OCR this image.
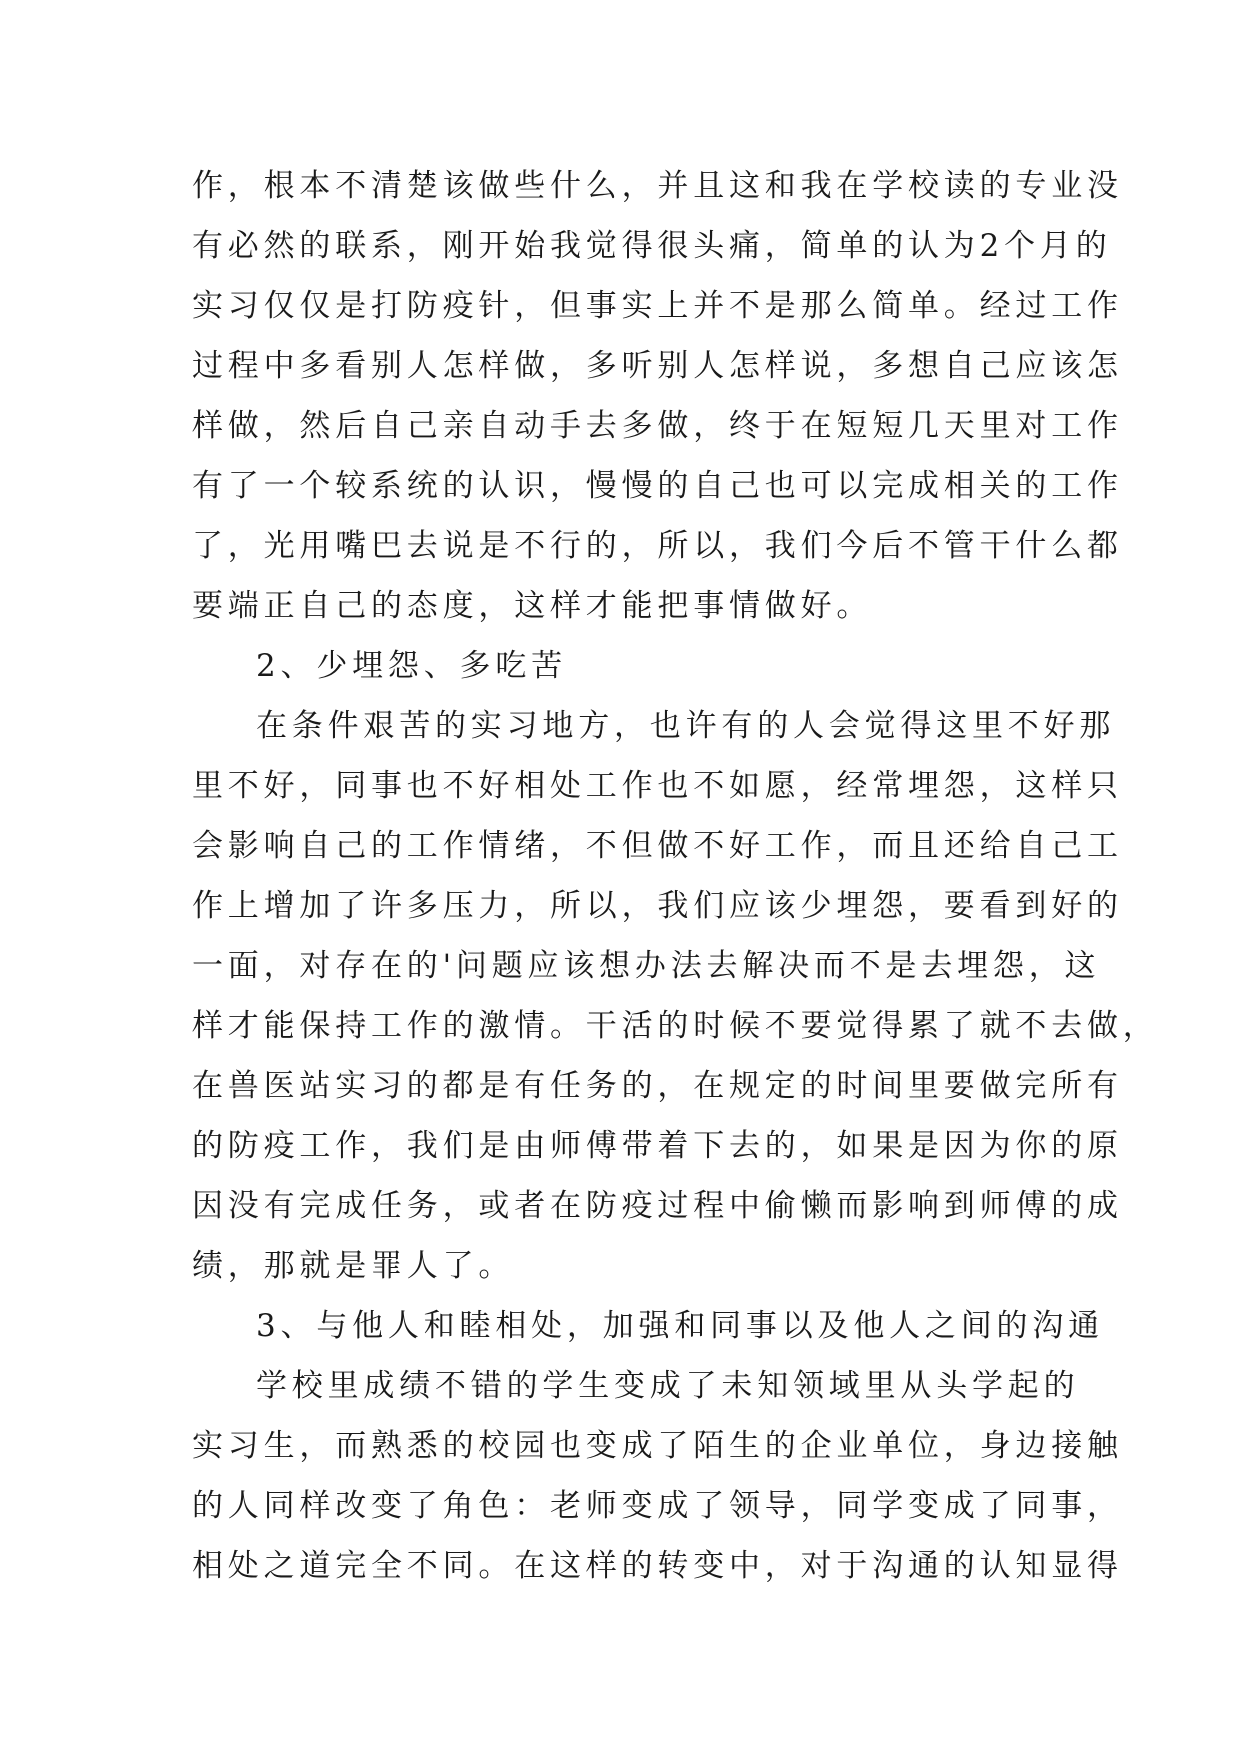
作，根本不清楚该做些什么，并且这和我在学校读的专业没

有必然的联系，刚开始我觉得很头痛，简单的认为2个月的

实习仅仅是打防疫针，但事实上并不是那么简单。经过工作

过程中多看别人怎样做，多听别人怎样说，多想自己应该怎

样做，然后自己亲自动手去多做，终于在短短几天里对工作

有了一个较系统的认识，慢慢的自己也可以完成相关的工作

了，光用嘴巴去说是不行的，所以，我们今后不管干什么都

要端正自己的态度，这样才能把事情做好。

2、少埋怨、多吃苦

在条件艰苦的实习地方，也许有的人会觉得这里不好那

里不好，同事也不好相处工作也不如愿，经常埋怨，这样只

会影响自己的工作情绪，不但做不好工作，而且还给自己工

作上增加了许多压力，所以，我们应该少埋怨，要看到好的

一面，对存在的'问题应该想办法去解决而不是去埋怨，这

样才能保持工作的激情。干活的时候不要觉得累了就不去做，

在兽医站实习的都是有任务的，在规定的时间里要做完所有

的防疫工作，我们是由师傅带着下去的，如果是因为你的原

因没有完成任务，或者在防疫过程中偷懒而影响到师傅的成

绩，那就是罪人了。

3、与他人和睦相处，加强和同事以及他人之间的沟通

学校里成绩不错的学生变成了未知领域里从头学起的

实习生，而熟悉的校园也变成了陌生的企业单位，身边接触

的人同样改变了角色：老师变成了领导，同学变成了同事，

相处之道完全不同。在这样的转变中，对于沟通的认知显得
